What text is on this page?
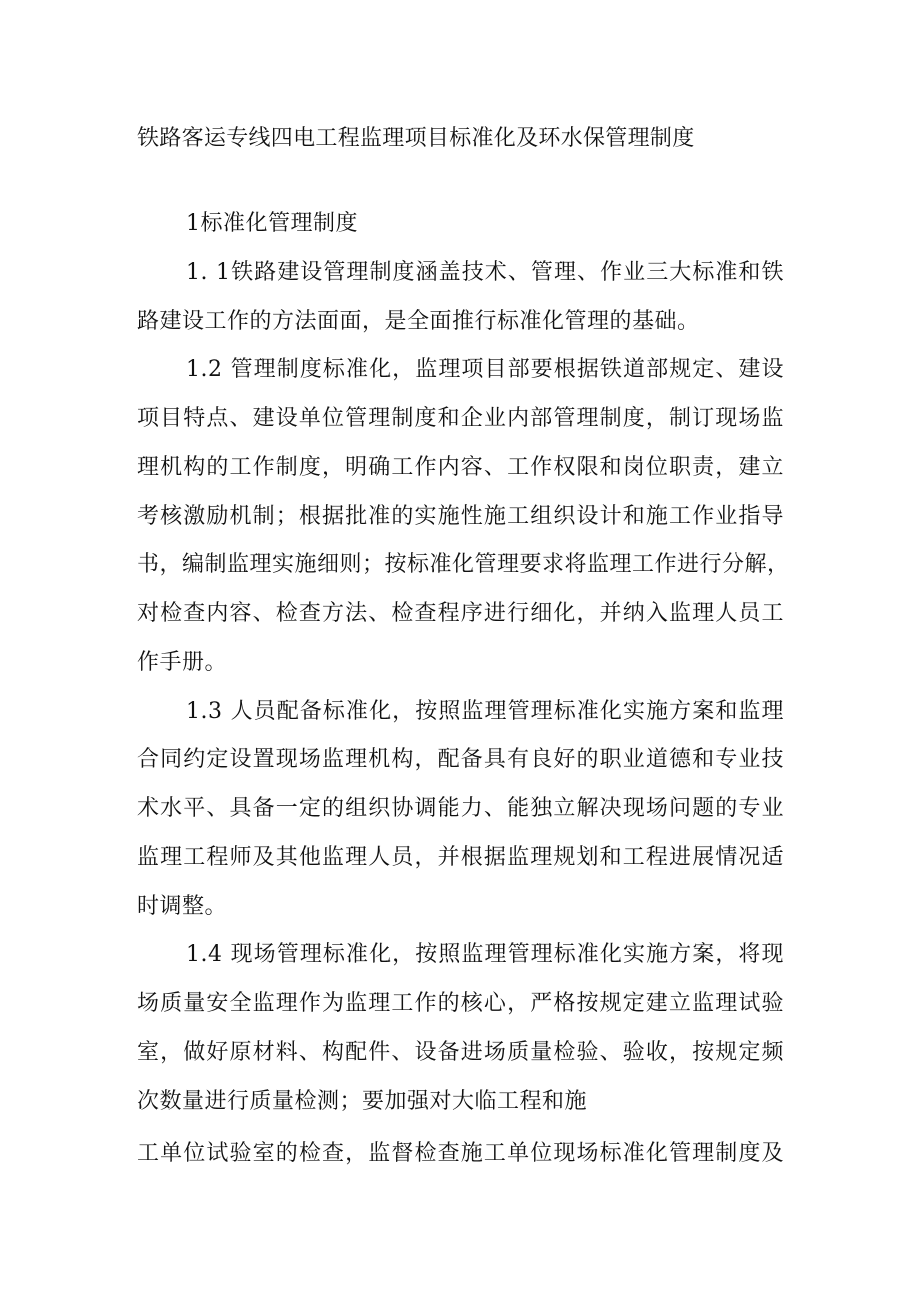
铁路客运专线四电工程监理项目标准化及环水保管理制度
1标准化管理制度
1. 1铁路建设管理制度涵盖技术、管理、作业三大标准和铁
路建设工作的方法面面，是全面推行标准化管理的基础。
1.2 管理制度标准化，监理项目部要根据铁道部规定、建设
项目特点、建设单位管理制度和企业内部管理制度，制订现场监
理机构的工作制度，明确工作内容、工作权限和岗位职责，建立
考核激励机制；根据批准的实施性施工组织设计和施工作业指导
书，编制监理实施细则；按标准化管理要求将监理工作进行分解，
对检查内容、检查方法、检查程序进行细化，并纳入监理人员工
作手册。
1.3 人员配备标准化，按照监理管理标准化实施方案和监理
合同约定设置现场监理机构，配备具有良好的职业道德和专业技
术水平、具备一定的组织协调能力、能独立解决现场问题的专业
监理工程师及其他监理人员，并根据监理规划和工程进展情况适
时调整。
1.4 现场管理标准化，按照监理管理标准化实施方案，将现
场质量安全监理作为监理工作的核心，严格按规定建立监理试验
室，做好原材料、构配件、设备进场质量检验、验收，按规定频
次数量进行质量检测；要加强对大临工程和施
工单位试验室的检查，监督检查施工单位现场标准化管理制度及
